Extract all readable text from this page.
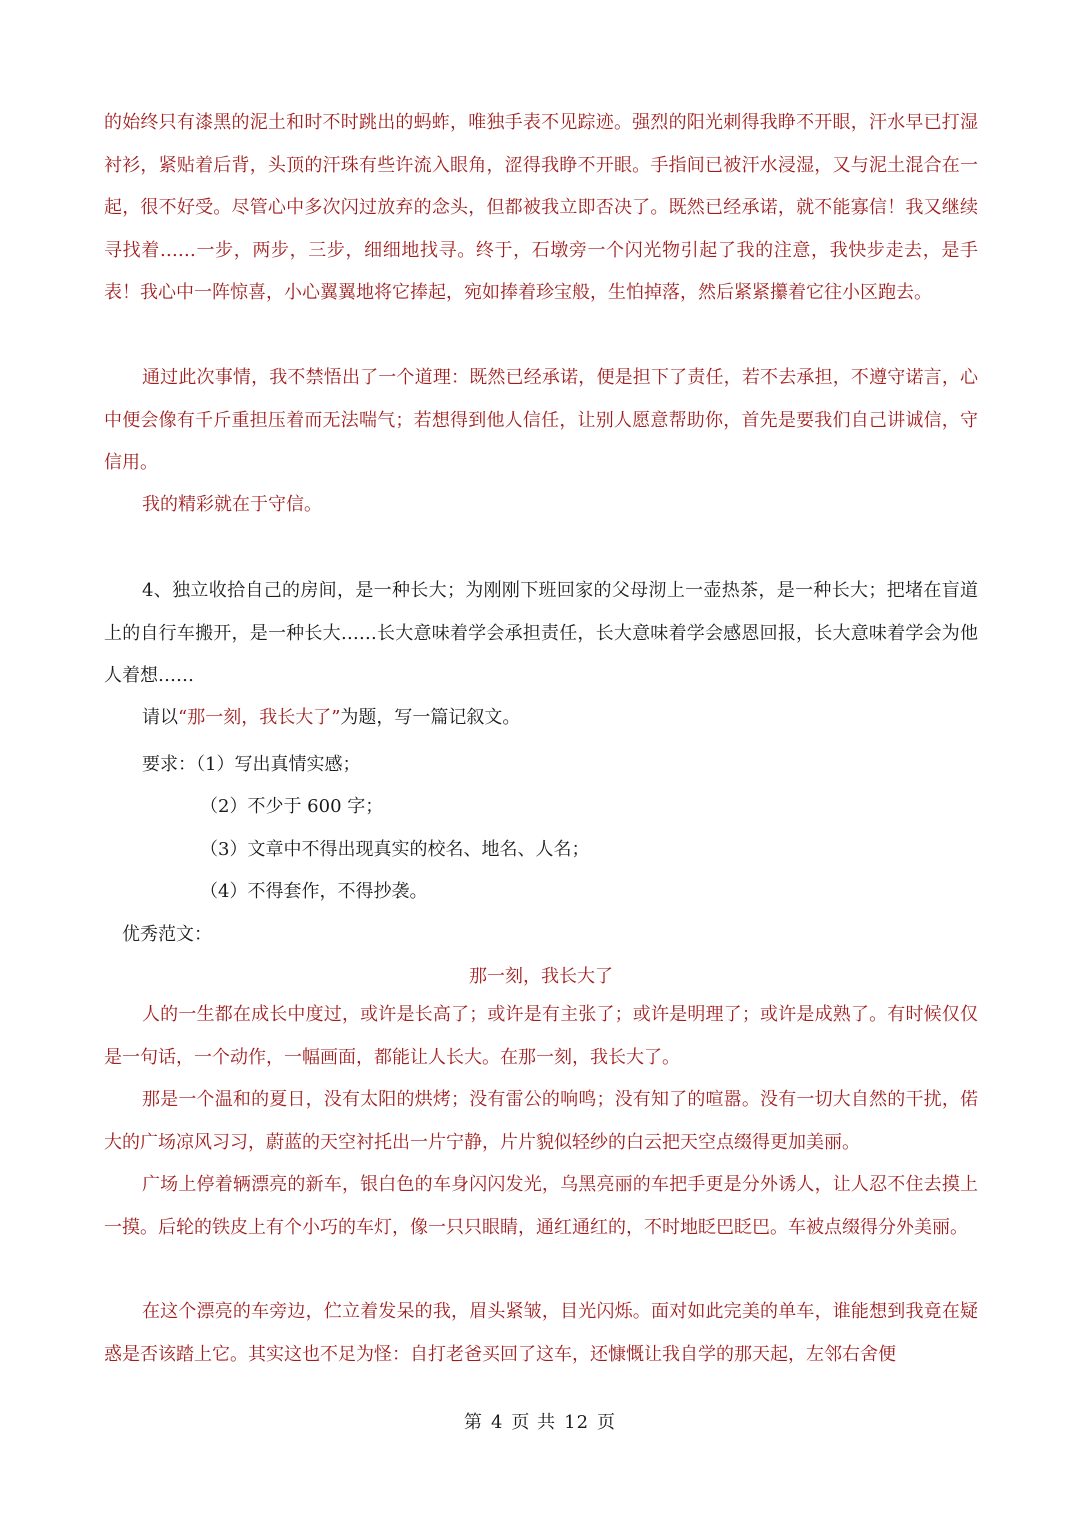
的始终只有漆黑的泥土和时不时跳出的蚂蚱，唯独手表不见踪迹。强烈的阳光刺得我睁不开眼，汗水早已打湿衬衫，紧贴着后背，头顶的汗珠有些许流入眼角，涩得我睁不开眼。手指间已被汗水浸湿，又与泥土混合在一起，很不好受。尽管心中多次闪过放弃的念头，但都被我立即否决了。既然已经承诺，就不能寡信！我又继续寻找着……一步，两步，三步，细细地找寻。终于，石墩旁一个闪光物引起了我的注意，我快步走去，是手表！我心中一阵惊喜，小心翼翼地将它捧起，宛如捧着珍宝般，生怕掉落，然后紧紧攥着它往小区跑去。

通过此次事情，我不禁悟出了一个道理：既然已经承诺，便是担下了责任，若不去承担，不遵守诺言，心中便会像有千斤重担压着而无法喘气；若想得到他人信任，让别人愿意帮助你，首先是要我们自己讲诚信，守信用。

我的精彩就在于守信。

4、独立收拾自己的房间，是一种长大；为刚刚下班回家的父母沏上一壶热茶，是一种长大；把堵在盲道上的自行车搬开，是一种长大……长大意味着学会承担责任，长大意味着学会感恩回报，长大意味着学会为他人着想……

请以“那一刻，我长大了”为题，写一篇记叙文。

要求：（1）写出真情实感；

（2）不少于 600 字；

（3）文章中不得出现真实的校名、地名、人名；

（4）不得套作，不得抄袭。

优秀范文：

那一刻，我长大了

人的一生都在成长中度过，或许是长高了；或许是有主张了；或许是明理了；或许是成熟了。有时候仅仅是一句话，一个动作，一幅画面，都能让人长大。在那一刻，我长大了。

那是一个温和的夏日，没有太阳的烘烤；没有雷公的响鸣；没有知了的喧嚣。没有一切大自然的干扰，偌大的广场凉风习习，蔚蓝的天空衬托出一片宁静，片片貌似轻纱的白云把天空点缀得更加美丽。

广场上停着辆漂亮的新车，银白色的车身闪闪发光，乌黑亮丽的车把手更是分外诱人，让人忍不住去摸上一摸。后轮的铁皮上有个小巧的车灯，像一只只眼睛，通红通红的，不时地眨巴眨巴。车被点缀得分外美丽。

在这个漂亮的车旁边，伫立着发呆的我，眉头紧皱，目光闪烁。面对如此完美的单车，谁能想到我竟在疑惑是否该踏上它。其实这也不足为怪：自打老爸买回了这车，还慷慨让我自学的那天起，左邻右舍便

第 4 页 共 12 页
